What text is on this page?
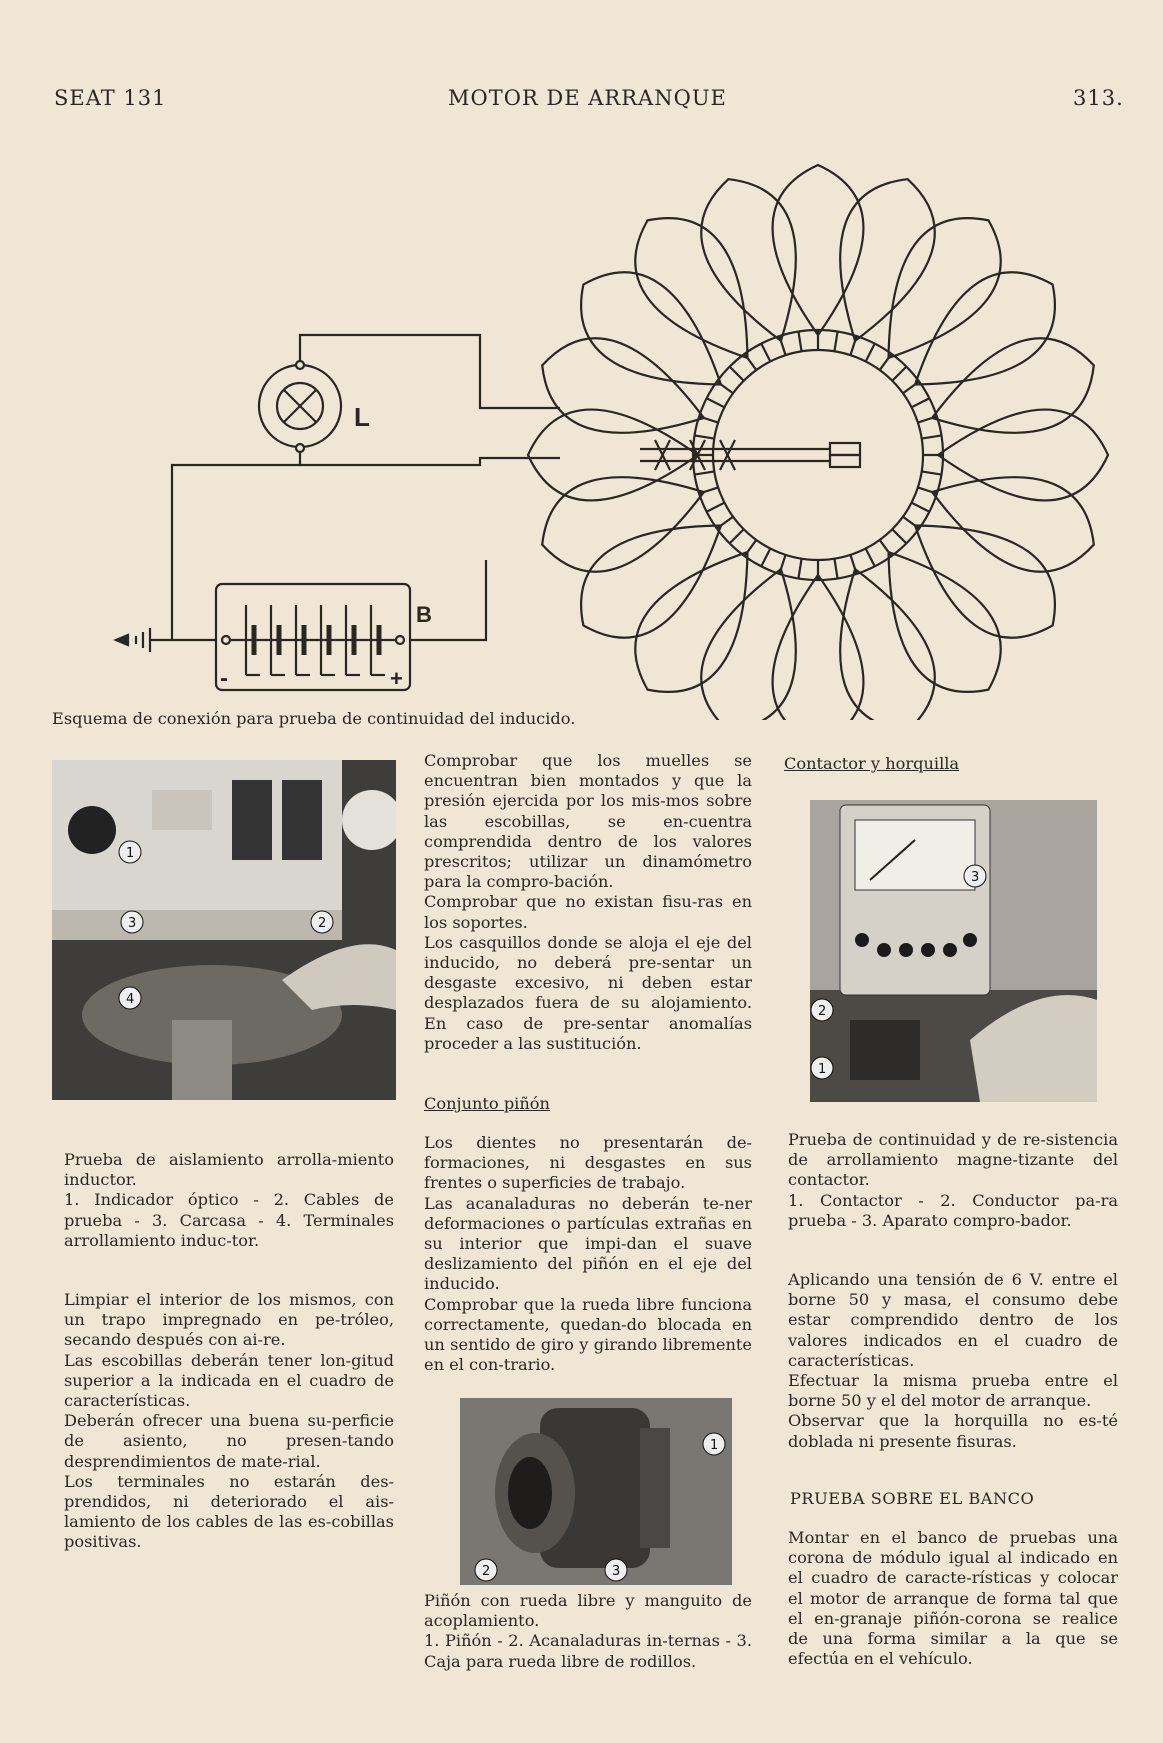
SEAT 131	MOTOR DE ARRANQUE	313.
L
B
-	+
Esquema de conexión para prueba de continuidad del inducido.
1
2
3
4

Prueba de aislamiento arrolla-miento inductor.

1. Indicador óptico - 2. Cables de prueba - 3. Carcasa - 4. Terminales arrollamiento induc-tor.

Limpiar el interior de los mismos, con un trapo impregnado en pe-tróleo, secando después con ai-re.

Las escobillas deberán tener lon-gitud superior a la indicada en el cuadro de características.

Deberán ofrecer una buena su-perficie de asiento, no presen-tando desprendimientos de mate-rial.

Los terminales no estarán des-prendidos, ni deteriorado el ais-lamiento de los cables de las es-cobillas positivas.

Comprobar que los muelles se encuentran bien montados y que la presión ejercida por los mis-mos sobre las escobillas, se en-cuentra comprendida dentro de los valores prescritos; utilizar un dinamómetro para la compro-bación.

Comprobar que no existan fisu-ras en los soportes.

Los casquillos donde se aloja el eje del inducido, no deberá pre-sentar un desgaste excesivo, ni deben estar desplazados fuera de su alojamiento. En caso de pre-sentar anomalías proceder a las sustitución.

Conjunto piñón

Los dientes no presentarán de-formaciones, ni desgastes en sus frentes o superficies de trabajo.

Las acanaladuras no deberán te-ner deformaciones o partículas extrañas en su interior que impi-dan el suave deslizamiento del piñón en el eje del inducido.

Comprobar que la rueda libre funciona correctamente, quedan-do blocada en un sentido de giro y girando libremente en el con-trario.

1
2	3

Piñón con rueda libre y manguito de acoplamiento.

1. Piñón - 2. Acanaladuras in-ternas - 3. Caja para rueda libre de rodillos.

Contactor y horquilla
3
2
1

Prueba de continuidad y de re-sistencia de arrollamiento magne-tizante del contactor.

1. Contactor - 2. Conductor pa-ra prueba - 3. Aparato compro-bador.

Aplicando una tensión de 6 V. entre el borne 50 y masa, el consumo debe estar comprendido dentro de los valores indicados en el cuadro de características.

Efectuar la misma prueba entre el borne 50 y el del motor de arranque.

Observar que la horquilla no es-té doblada ni presente fisuras.

PRUEBA SOBRE EL BANCO

Montar en el banco de pruebas una corona de módulo igual al indicado en el cuadro de caracte-rísticas y colocar el motor de arranque de forma tal que el en-granaje piñón-corona se realice de una forma similar a la que se efectúa en el vehículo.
